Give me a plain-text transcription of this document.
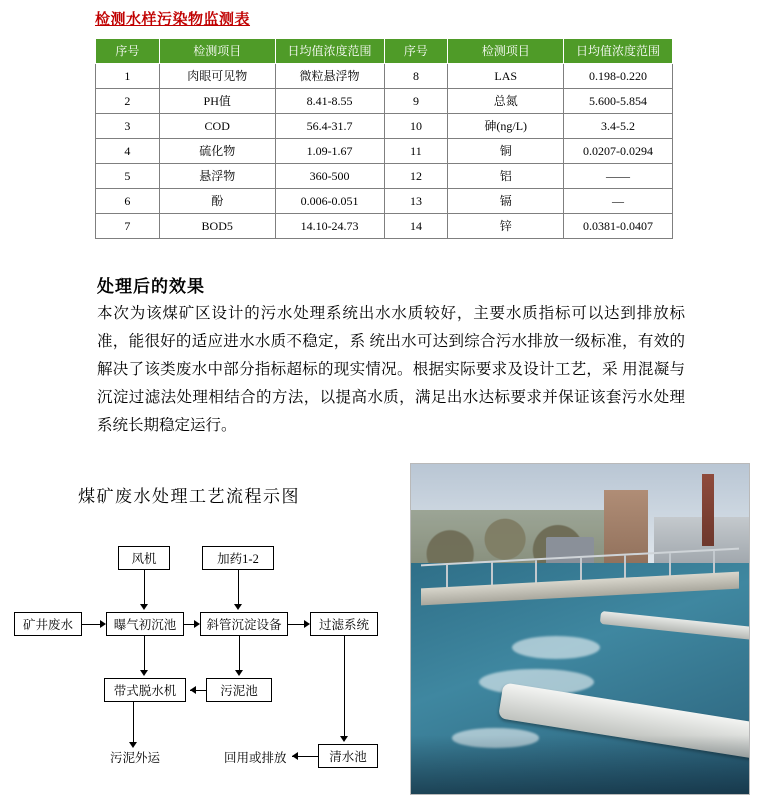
检测水样污染物监测表
序号	检测项目	日均值浓度范围	序号	检测项目	日均值浓度范围
1	肉眼可见物	微粒悬浮物	8	LAS	0.198-0.220
2	PH值	8.41-8.55	9	总氮	5.600-5.854
3	COD	56.4-31.7	10	砷(ng/L)	3.4-5.2
4	硫化物	1.09-1.67	11	铜	0.0207-0.0294
5	悬浮物	360-500	12	铝	——
6	酚	0.006-0.051	13	镉	—
7	BOD5	14.10-24.73	14	锌	0.0381-0.0407
处理后的效果
本次为该煤矿区设计的污水处理系统出水水质较好，主要水质指标可以达到排放标准，能很好的适应进水水质不稳定，系 统出水可达到综合污水排放一级标准，有效的解决了该类废水中部分指标超标的现实情况。根据实际要求及设计工艺，采 用混凝与沉淀过滤法处理相结合的方法，以提高水质，满足出水达标要求并保证该套污水处理系统长期稳定运行。
煤矿废水处理工艺流程示图
风机	加药1-2
矿井废水	曝气初沉池	斜管沉淀设备	过滤系统
带式脱水机	污泥池
清水池
污泥外运	回用或排放
